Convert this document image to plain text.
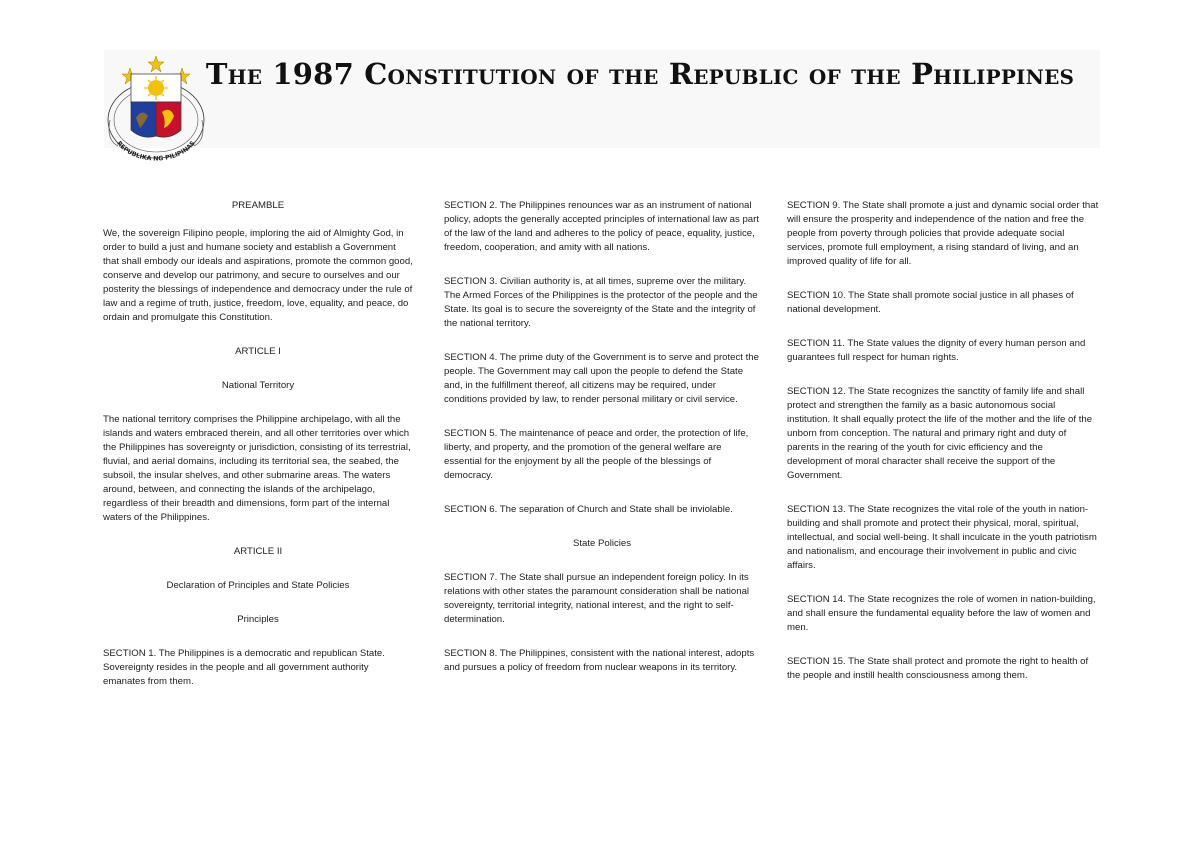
REPUBLIKA NG PILIPINAS
The 1987 Constitution of the Republic of the Philippines

PREAMBLE

We, the sovereign Filipino people, imploring the aid of Almighty God, in order to build a just and humane society and establish a Government that shall embody our ideals and aspirations, promote the common good, conserve and develop our patrimony, and secure to ourselves and our posterity the blessings of independence and democracy under the rule of law and a regime of truth, justice, freedom, love, equality, and peace, do ordain and promulgate this Constitution.

ARTICLE I

National Territory

The national territory comprises the Philippine archipelago, with all the islands and waters embraced therein, and all other territories over which the Philippines has sovereignty or jurisdiction, consisting of its terrestrial, fluvial, and aerial domains, including its territorial sea, the seabed, the subsoil, the insular shelves, and other submarine areas. The waters around, between, and connecting the islands of the archipelago, regardless of their breadth and dimensions, form part of the internal waters of the Philippines.

ARTICLE II

Declaration of Principles and State Policies

Principles

SECTION 1. The Philippines is a democratic and republican State. Sovereignty resides in the people and all government authority emanates from them.

SECTION 2. The Philippines renounces war as an instrument of national policy, adopts the generally accepted principles of international law as part of the law of the land and adheres to the policy of peace, equality, justice, freedom, cooperation, and amity with all nations.

SECTION 3. Civilian authority is, at all times, supreme over the military. The Armed Forces of the Philippines is the protector of the people and the State. Its goal is to secure the sovereignty of the State and the integrity of the national territory.

SECTION 4. The prime duty of the Government is to serve and protect the people. The Government may call upon the people to defend the State and, in the fulfillment thereof, all citizens may be required, under conditions provided by law, to render personal military or civil service.

SECTION 5. The maintenance of peace and order, the protection of life, liberty, and property, and the promotion of the general welfare are essential for the enjoyment by all the people of the blessings of democracy.

SECTION 6. The separation of Church and State shall be inviolable.

State Policies

SECTION 7. The State shall pursue an independent foreign policy. In its relations with other states the paramount consideration shall be national sovereignty, territorial integrity, national interest, and the right to self-determination.

SECTION 8. The Philippines, consistent with the national interest, adopts and pursues a policy of freedom from nuclear weapons in its territory.

SECTION 9. The State shall promote a just and dynamic social order that will ensure the prosperity and independence of the nation and free the people from poverty through policies that provide adequate social services, promote full employment, a rising standard of living, and an improved quality of life for all.

SECTION 10. The State shall promote social justice in all phases of national development.

SECTION 11. The State values the dignity of every human person and guarantees full respect for human rights.

SECTION 12. The State recognizes the sanctity of family life and shall protect and strengthen the family as a basic autonomous social institution. It shall equally protect the life of the mother and the life of the unborn from conception. The natural and primary right and duty of parents in the rearing of the youth for civic efficiency and the development of moral character shall receive the support of the Government.

SECTION 13. The State recognizes the vital role of the youth in nation-building and shall promote and protect their physical, moral, spiritual, intellectual, and social well-being. It shall inculcate in the youth patriotism and nationalism, and encourage their involvement in public and civic affairs.

SECTION 14. The State recognizes the role of women in nation-building, and shall ensure the fundamental equality before the law of women and men.

SECTION 15. The State shall protect and promote the right to health of the people and instill health consciousness among them.
